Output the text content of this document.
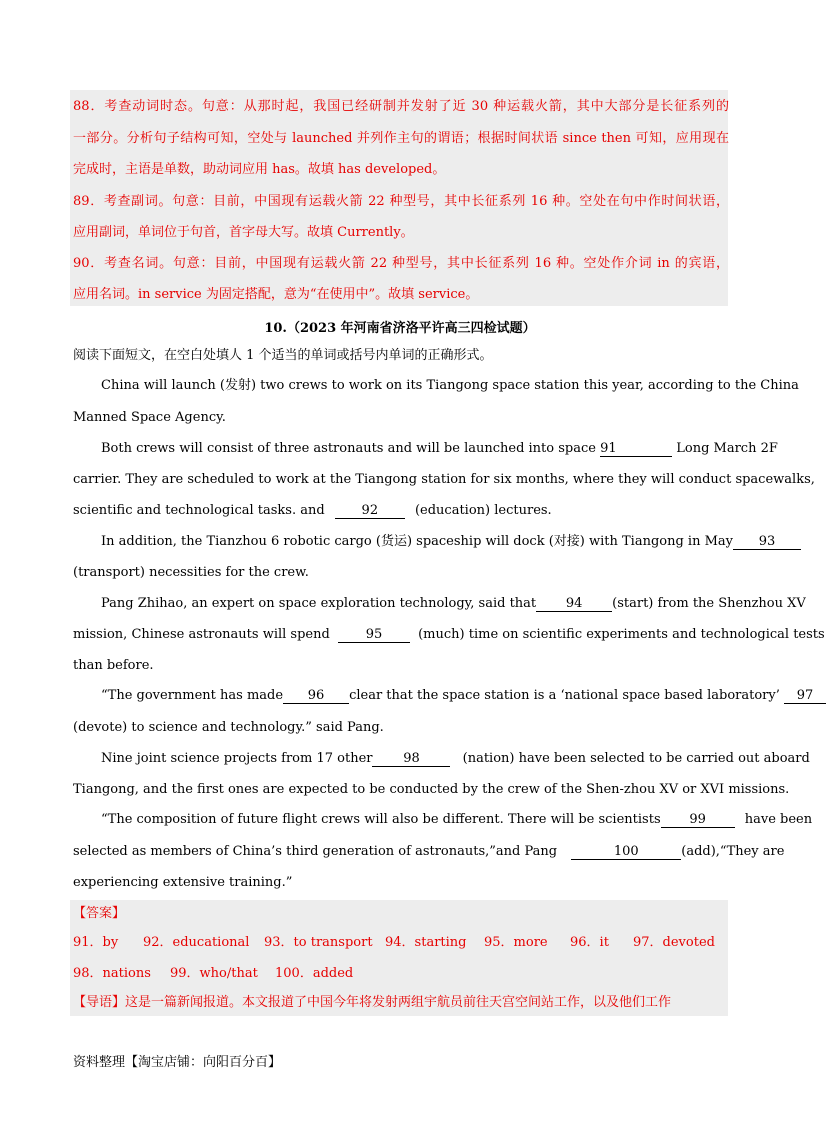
88．考查动词时态。句意：从那时起，我国已经研制并发射了近 30 种运载火箭，其中大部分是长征系列的
一部分。分析句子结构可知，空处与 launched 并列作主句的谓语；根据时间状语 since then 可知，应用现在
完成时，主语是单数，助动词应用 has。故填 has developed。
89．考查副词。句意：目前，中国现有运载火箭 22 种型号，其中长征系列 16 种。空处在句中作时间状语，
应用副词，单词位于句首，首字母大写。故填 Currently。
90．考查名词。句意：目前，中国现有运载火箭 22 种型号，其中长征系列 16 种。空处作介词 in 的宾语，
应用名词。in service 为固定搭配，意为“在使用中”。故填 service。
10.（2023 年河南省济洛平许高三四检试题）
阅读下面短文，在空白处填人 1 个适当的单词或括号内单词的正确形式。
China will launch (发射) two crews to work on its Tiangong space station this year, according to the China
Manned Space Agency.
Both crews will consist of three astronauts and will be launched into space 91	Long March 2F
carrier. They are scheduled to work at the Tiangong station for six months, where they will conduct spacewalks,
scientific and technological tasks. and	92	(education) lectures.
In addition, the Tianzhou 6 robotic cargo (货运) spaceship will dock (对接) with Tiangong in May 93
(transport) necessities for the crew.
Pang Zhihao, an expert on space exploration technology, said that 94 (start) from the Shenzhou XV
mission, Chinese astronauts will spend	95	(much) time on scientific experiments and technological tests
than before.
“The government has made 96 clear that the space station is a ‘national space based laboratory’ 97
(devote) to science and technology.” said Pang.
Nine joint science projects from 17 other 98	(nation) have been selected to be carried out aboard
Tiangong, and the first ones are expected to be conducted by the crew of the Shen-zhou XV or XVI missions.
“The composition of future flight crews will also be different. There will be scientists 99	have been
selected as members of China’s third generation of astronauts,”and Pang	100	(add),“They are
experiencing extensive training.”
【答案】
91．by 92．educational 93．to transport 94．starting 95．more 96．it 97．devoted
98．nations 99．who/that 100．added
【导语】这是一篇新闻报道。本文报道了中国今年将发射两组宇航员前往天宫空间站工作，以及他们工作
资料整理【淘宝店铺：向阳百分百】
